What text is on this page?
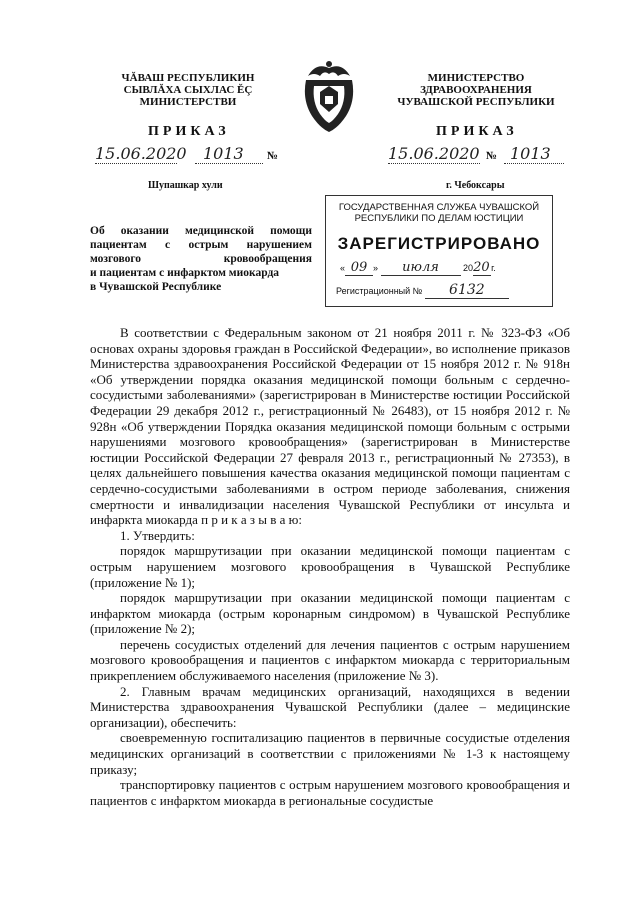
ЧĂВАШ РЕСПУБЛИКИН
СЫВЛĂХА СЫХЛАС ĔÇ
МИНИСТЕРСТВИ
МИНИСТЕРСТВО
ЗДРАВООХРАНЕНИЯ
ЧУВАШСКОЙ РЕСПУБЛИКИ
ПРИКАЗ	ПРИКАЗ
15.06.2020 1013 №	15.06.2020 № 1013
Шупашкар хули	г. Чебоксары
Об оказании медицинской помощи
пациентам с острым нарушением
мозгового кровообращения
и пациентам с инфарктом миокарда
в Чувашской Республике
ГОСУДАРСТВЕННАЯ СЛУЖБА ЧУВАШСКОЙ
РЕСПУБЛИКИ ПО ДЕЛАМ ЮСТИЦИИ
ЗАРЕГИСТРИРОВАНО
« 09 » июля	2020г.
Регистрационный № 6132
В соответствии с Федеральным законом от 21 ноября 2011 г. № 323-ФЗ «Об основах охраны здоровья граждан в Российской Федерации», во исполнение приказов Министерства здравоохранения Российской Федерации от 15 ноября 2012 г. № 918н «Об утверждении порядка оказания медицинской помощи больным с сердечно-сосудистыми заболеваниями» (зарегистрирован в Министерстве юстиции Российской Федерации 29 декабря 2012 г., регистрационный № 26483), от 15 ноября 2012 г. № 928н «Об утверждении Порядка оказания медицинской помощи больным с острыми нарушениями мозгового кровообращения» (зарегистрирован в Министерстве юстиции Российской Федерации 27 февраля 2013 г., регистрационный № 27353), в целях дальнейшего повышения качества оказания медицинской помощи пациентам с сердечно-сосудистыми заболеваниями в остром периоде заболевания, снижения смертности и инвалидизации населения Чувашской Республики от инсульта и инфаркта миокарда п р и к а з ы в а ю:
1. Утвердить:
порядок маршрутизации при оказании медицинской помощи пациентам с острым нарушением мозгового кровообращения в Чувашской Республике (приложение № 1);
порядок маршрутизации при оказании медицинской помощи пациентам с инфарктом миокарда (острым коронарным синдромом) в Чувашской Республике (приложение № 2);
перечень сосудистых отделений для лечения пациентов с острым нарушением мозгового кровообращения и пациентов с инфарктом миокарда с территориальным прикреплением обслуживаемого населения (приложение № 3).
2. Главным врачам медицинских организаций, находящихся в ведении Министерства здравоохранения Чувашской Республики (далее – медицинские организации), обеспечить:
своевременную госпитализацию пациентов в первичные сосудистые отделения медицинских организаций в соответствии с приложениями № 1-3 к настоящему приказу;
транспортировку пациентов с острым нарушением мозгового кровообращения и пациентов с инфарктом миокарда в региональные сосудистые
